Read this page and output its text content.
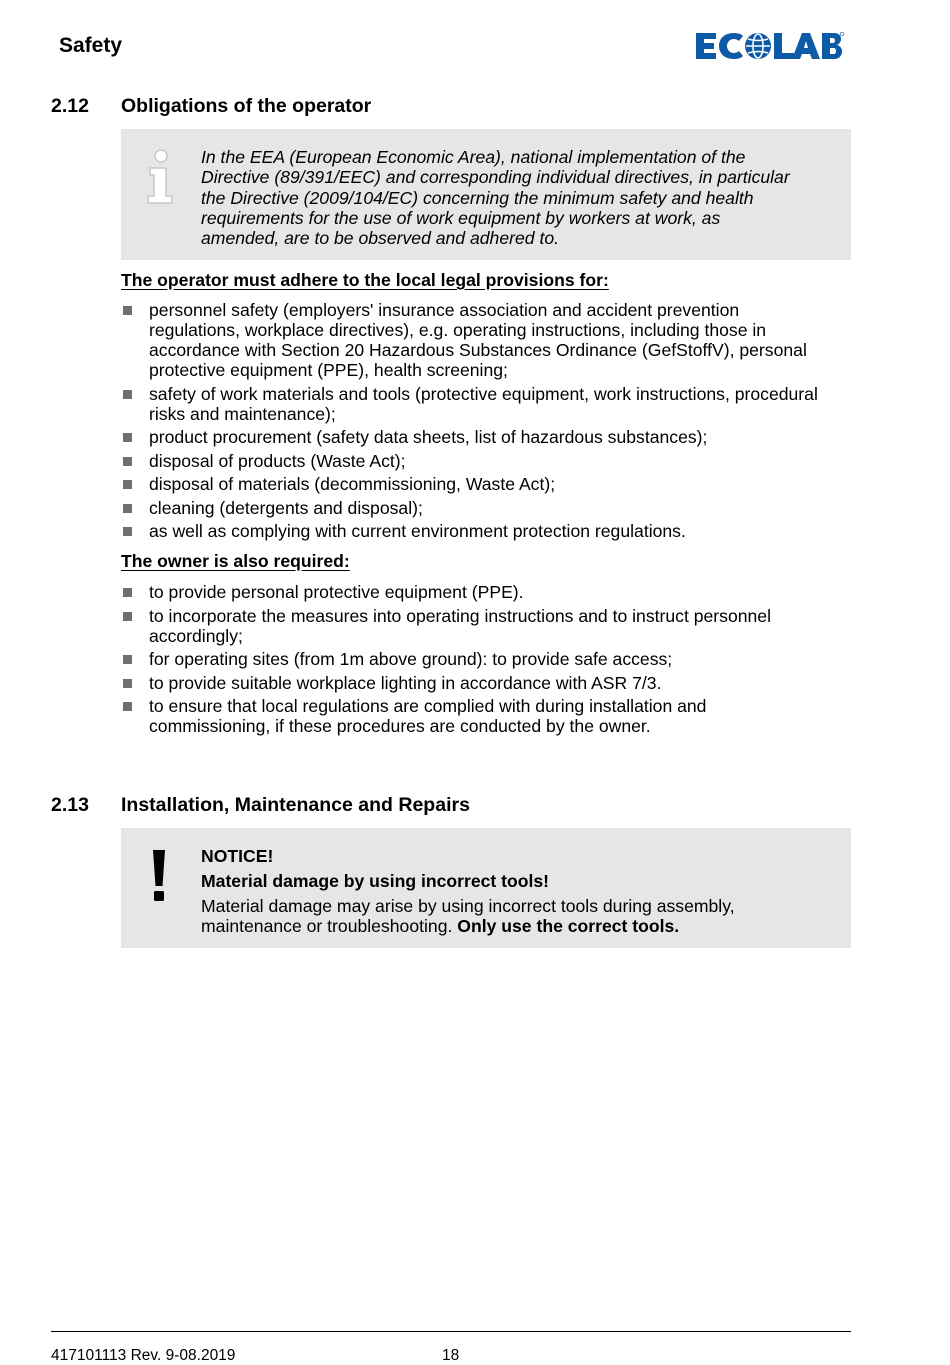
Safety
2.12 Obligations of the operator
In the EEA (European Economic Area), national implementation of the
Directive (89/391/EEC) and corresponding individual directives, in particular
the Directive (2009/104/EC) concerning the minimum safety and health
requirements for the use of work equipment by workers at work, as
amended, are to be observed and adhered to.
The operator must adhere to the local legal provisions for:
personnel safety (employers' insurance association and accident prevention
regulations, workplace directives), e.g. operating instructions, including those in
accordance with Section 20 Hazardous Substances Ordinance (GefStoffV), personal
protective equipment (PPE), health screening;
safety of work materials and tools (protective equipment, work instructions, procedural
risks and maintenance);
product procurement (safety data sheets, list of hazardous substances);
disposal of products (Waste Act);
disposal of materials (decommissioning, Waste Act);
cleaning (detergents and disposal);
as well as complying with current environment protection regulations.
The owner is also required:
to provide personal protective equipment (PPE).
to incorporate the measures into operating instructions and to instruct personnel
accordingly;
for operating sites (from 1m above ground): to provide safe access;
to provide suitable workplace lighting in accordance with ASR 7/3.
to ensure that local regulations are complied with during installation and
commissioning, if these procedures are conducted by the owner.
2.13 Installation, Maintenance and Repairs
NOTICE!
Material damage by using incorrect tools!
Material damage may arise by using incorrect tools during assembly,
maintenance or troubleshooting. Only use the correct tools.
417101113 Rev. 9-08.2019	18
